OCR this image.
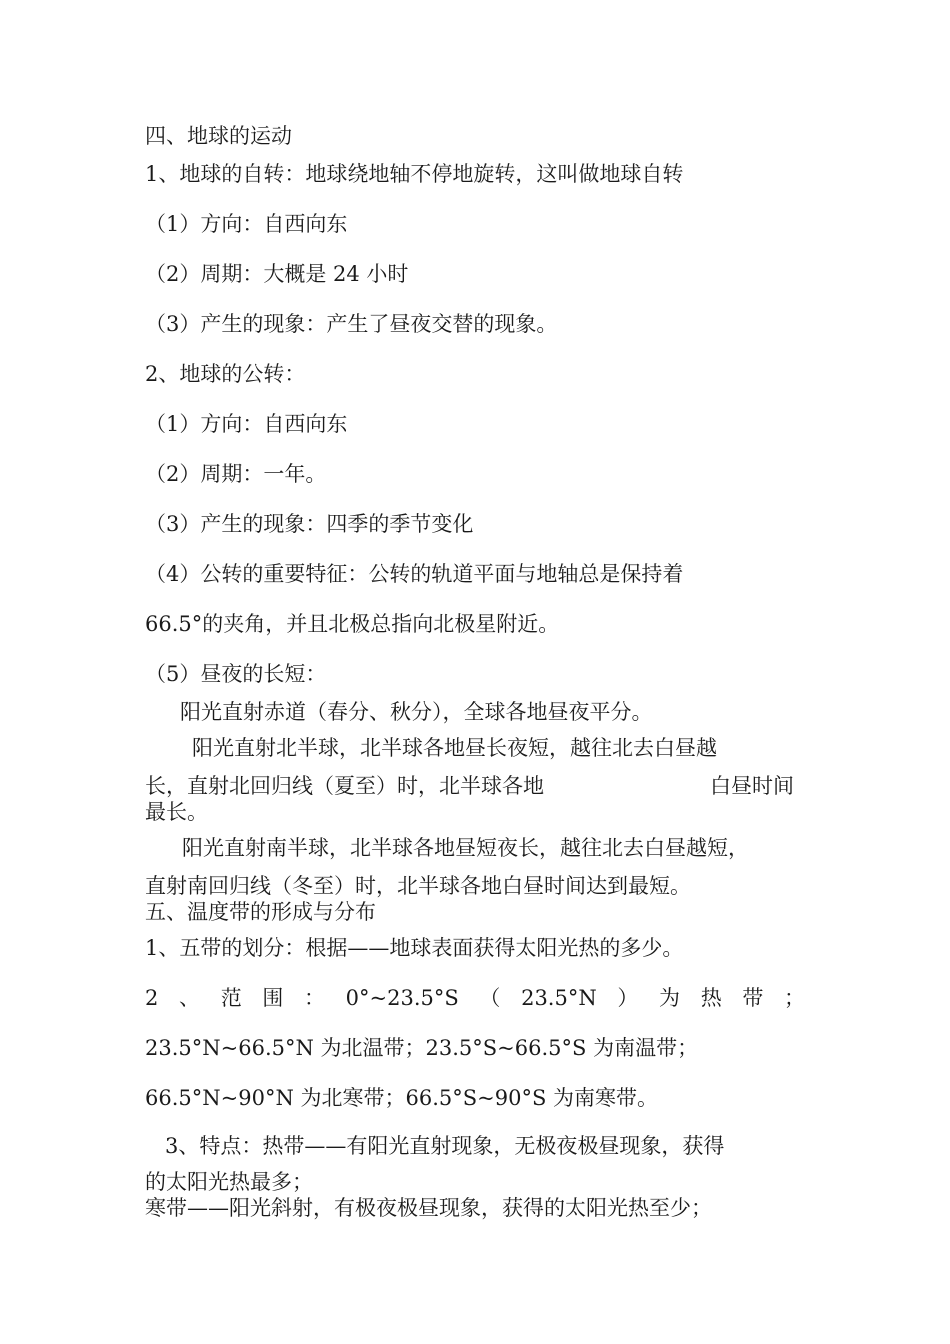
四、地球的运动
1、地球的自转：地球绕地轴不停地旋转，这叫做地球自转
（1）方向：自西向东
（2）周期：大概是 24 小时
（3）产生的现象：产生了昼夜交替的现象。
2、地球的公转：
（1）方向：自西向东
（2）周期：一年。
（3）产生的现象：四季的季节变化
（4）公转的重要特征：公转的轨道平面与地轴总是保持着
66.5°的夹角，并且北极总指向北极星附近。
（5）昼夜的长短：
阳光直射赤道（春分、秋分），全球各地昼夜平分。
阳光直射北半球，北半球各地昼长夜短，越往北去白昼越
长，直射北回归线（夏至）时，北半球各地	白昼时间
最长。
阳光直射南半球，北半球各地昼短夜长，越往北去白昼越短，
直射南回归线（冬至）时，北半球各地白昼时间达到最短。
五、温度带的形成与分布
1、五带的划分：根据——地球表面获得太阳光热的多少。
2 、 范 围 ： 0°~23.5°S （ 23.5°N ） 为 热 带 ；
23.5°N~66.5°N 为北温带；23.5°S~66.5°S 为南温带；
66.5°N~90°N 为北寒带；66.5°S~90°S 为南寒带。
3、特点：热带——有阳光直射现象，无极夜极昼现象，获得
的太阳光热最多；
寒带——阳光斜射，有极夜极昼现象，获得的太阳光热至少；
